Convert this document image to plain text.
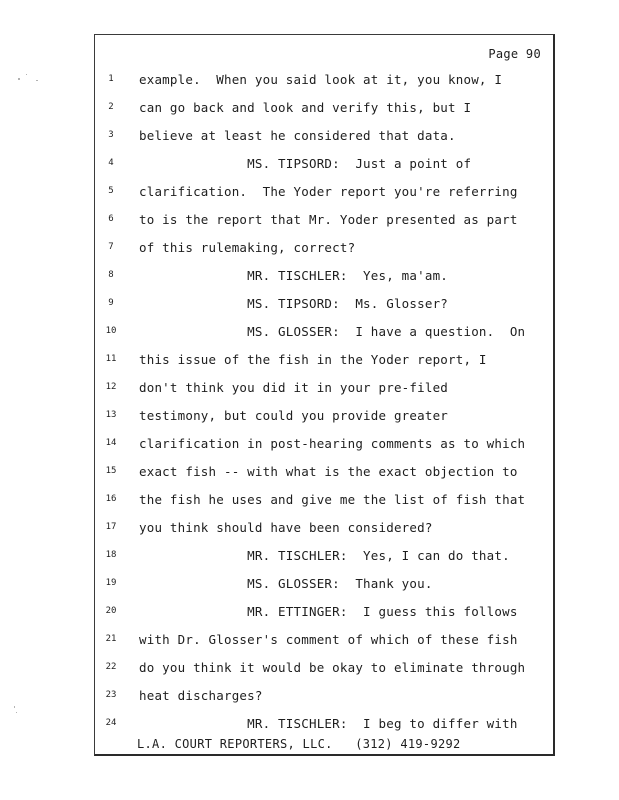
Page 90
1	example.  When you said look at it, you know, I
2	can go back and look and verify this, but I
3	believe at least he considered that data.
4	MS. TIPSORD:  Just a point of
5	clarification.  The Yoder report you're referring
6	to is the report that Mr. Yoder presented as part
7	of this rulemaking, correct?
8	MR. TISCHLER:  Yes, ma'am.
9	MS. TIPSORD:  Ms. Glosser?
10	MS. GLOSSER:  I have a question.  On
11	this issue of the fish in the Yoder report, I
12	don't think you did it in your pre-filed
13	testimony, but could you provide greater
14	clarification in post-hearing comments as to which
15	exact fish -- with what is the exact objection to
16	the fish he uses and give me the list of fish that
17	you think should have been considered?
18	MR. TISCHLER:  Yes, I can do that.
19	MS. GLOSSER:  Thank you.
20	MR. ETTINGER:  I guess this follows
21	with Dr. Glosser's comment of which of these fish
22	do you think it would be okay to eliminate through
23	heat discharges?
24	MR. TISCHLER:  I beg to differ with
L.A. COURT REPORTERS, LLC.   (312) 419-9292
